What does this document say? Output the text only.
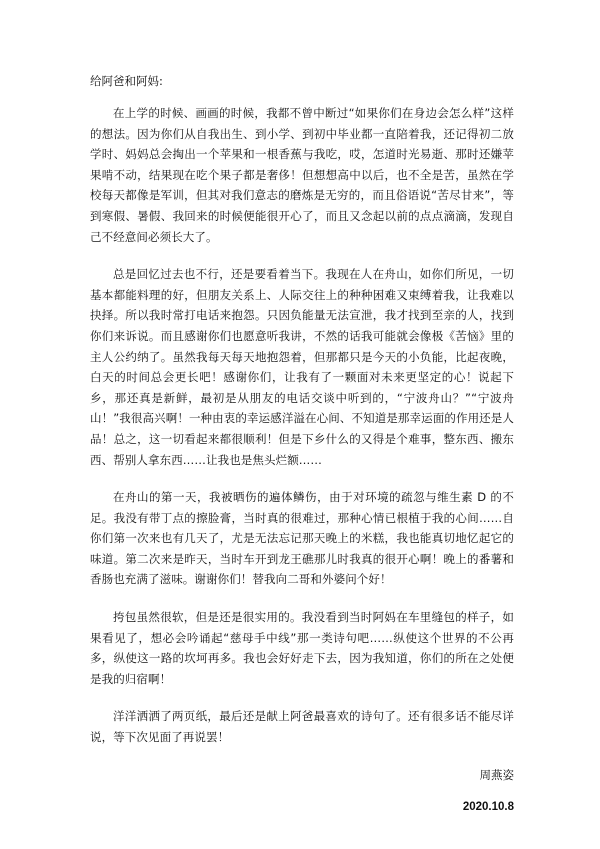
给阿爸和阿妈:

在上学的时候、画画的时候，我都不曾中断过“如果你们在身边会怎么样”这样的想法。因为你们从自我出生、到小学、到初中毕业都一直陪着我，还记得初二放学时、妈妈总会掏出一个苹果和一根香蕉与我吃，哎，怎道时光易逝、那时还嫌苹果啃不动，结果现在吃个果子都是奢侈！但想想高中以后，也不全是苦，虽然在学校每天都像是军训，但其对我们意志的磨炼是无穷的，而且俗语说“苦尽甘来”，等到寒假、暑假、我回来的时候便能很开心了，而且又念起以前的点点滴滴，发现自己不经意间必须长大了。

总是回忆过去也不行，还是要看着当下。我现在人在舟山，如你们所见，一切基本都能料理的好，但朋友关系上、人际交往上的种种困难又束缚着我，让我难以抉择。所以我时常打电话来抱怨。只因负能量无法宣泄，我才找到至亲的人，找到你们来诉说。而且感谢你们也愿意听我讲，不然的话我可能就会像极《苦恼》里的主人公约纳了。虽然我每天每天地抱怨着，但那都只是今天的小负能，比起夜晚，白天的时间总会更长吧！感谢你们，让我有了一颗面对未来更坚定的心！说起下乡，那还真是新鲜，最初是从朋友的电话交谈中听到的，“宁波舟山？”“宁波舟山！”我很高兴啊！一种由衷的幸运感洋溢在心间、不知道是那幸运面的作用还是人品！总之，这一切看起来都很顺利！但是下乡什么的又得是个难事，整东西、搬东西、帮别人拿东西……让我也是焦头烂额……

在舟山的第一天，我被晒伤的遍体鳞伤，由于对环境的疏忽与维生素 D 的不足。我没有带丁点的擦脸膏，当时真的很难过，那种心情已根植于我的心间……自你们第一次来也有几天了，尤是无法忘记那天晚上的米糕，我也能真切地忆起它的味道。第二次来是昨天，当时车开到龙王礁那儿时我真的很开心啊！晚上的番薯和香肠也充满了滋味。谢谢你们！替我向二哥和外婆问个好！

挎包虽然很软，但是还是很实用的。我没看到当时阿妈在车里缝包的样子，如果看见了，想必会吟诵起“慈母手中线”那一类诗句吧……纵使这个世界的不公再多，纵使这一路的坎坷再多。我也会好好走下去，因为我知道，你们的所在之处便是我的归宿啊！

洋洋洒洒了两页纸，最后还是献上阿爸最喜欢的诗句了。还有很多话不能尽详说，等下次见面了再说罢！

周燕姿
2020.10.8
